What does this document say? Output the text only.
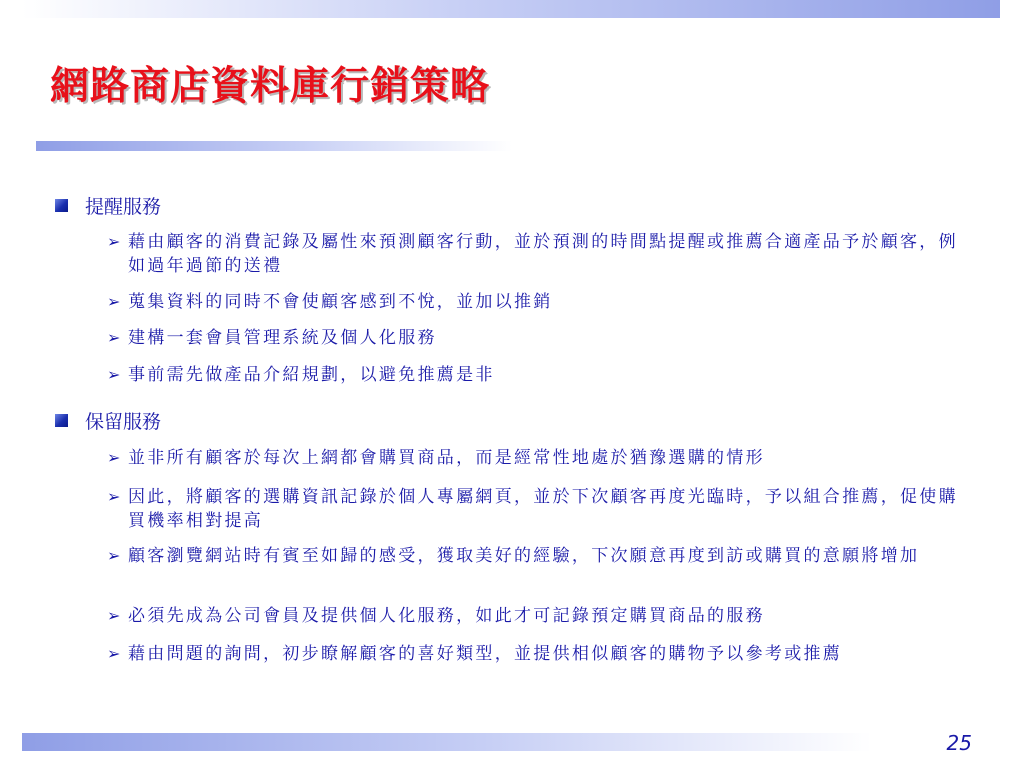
網路商店資料庫行銷策略
提醒服務
➢ 藉由顧客的消費記錄及屬性來預測顧客行動，並於預測的時間點提醒或推薦合適產品予於顧客，例如過年過節的送禮
➢ 蒐集資料的同時不會使顧客感到不悅，並加以推銷
➢ 建構一套會員管理系統及個人化服務
➢ 事前需先做產品介紹規劃，以避免推薦是非
保留服務
➢ 並非所有顧客於每次上網都會購買商品，而是經常性地處於猶豫選購的情形
➢ 因此，將顧客的選購資訊記錄於個人專屬網頁，並於下次顧客再度光臨時，予以組合推薦，促使購買機率相對提高
➢ 顧客瀏覽網站時有賓至如歸的感受，獲取美好的經驗，下次願意再度到訪或購買的意願將增加
➢ 必須先成為公司會員及提供個人化服務，如此才可記錄預定購買商品的服務
➢ 藉由問題的詢問，初步瞭解顧客的喜好類型，並提供相似顧客的購物予以參考或推薦
25
